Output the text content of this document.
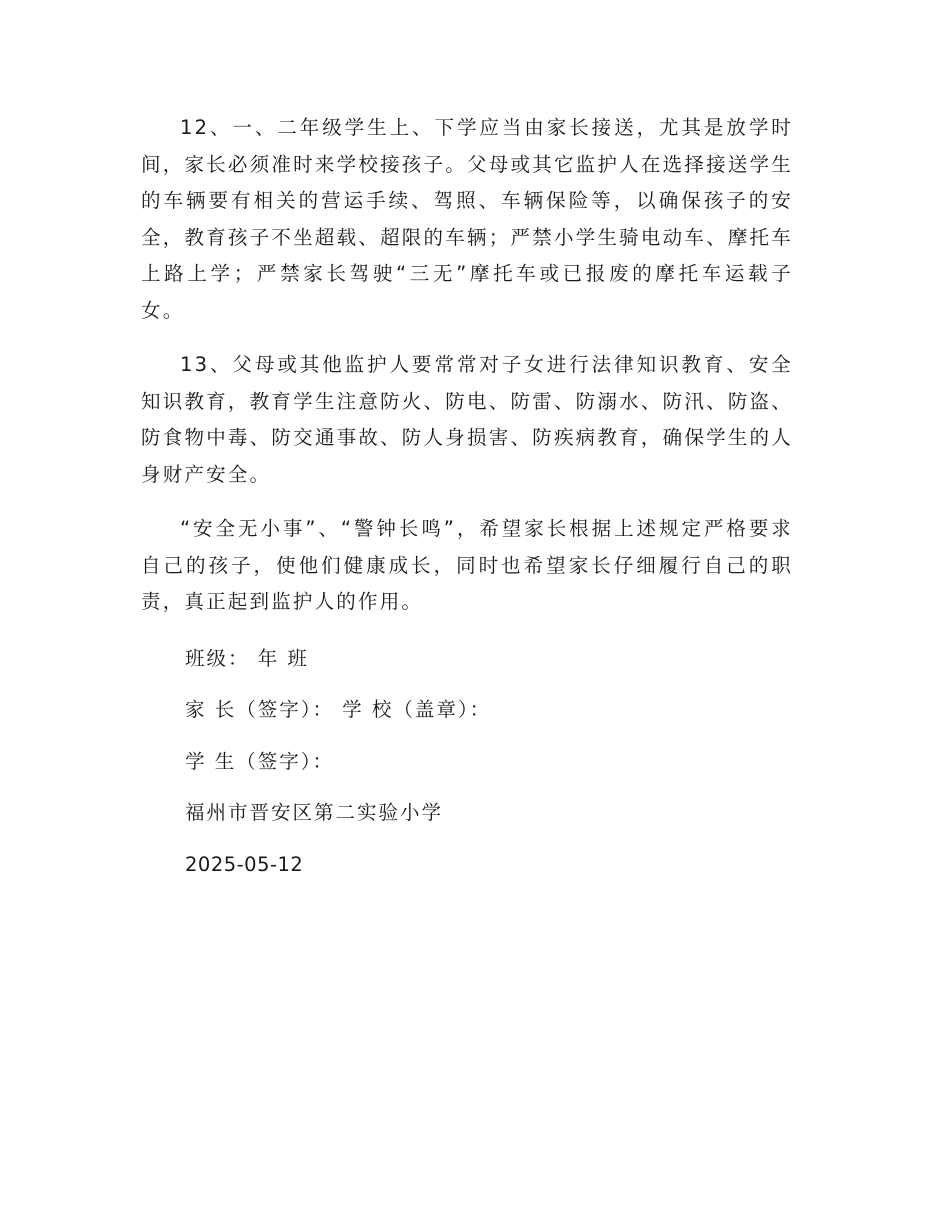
12、一、二年级学生上、下学应当由家长接送，尤其是放学时间，家长必须准时来学校接孩子。父母或其它监护人在选择接送学生的车辆要有相关的营运手续、驾照、车辆保险等，以确保孩子的安全，教育孩子不坐超载、超限的车辆；严禁小学生骑电动车、摩托车上路上学；严禁家长驾驶“三无”摩托车或已报废的摩托车运载子女。

13、父母或其他监护人要常常对子女进行法律知识教育、安全知识教育，教育学生注意防火、防电、防雷、防溺水、防汛、防盗、防食物中毒、防交通事故、防人身损害、防疾病教育，确保学生的人身财产安全。

“安全无小事”、“警钟长鸣”，希望家长根据上述规定严格要求自己的孩子，使他们健康成长，同时也希望家长仔细履行自己的职责，真正起到监护人的作用。

班级： 年 班

家 长（签字）： 学 校（盖章）：

学 生（签字）：

福州市晋安区第二实验小学

2025-05-12
